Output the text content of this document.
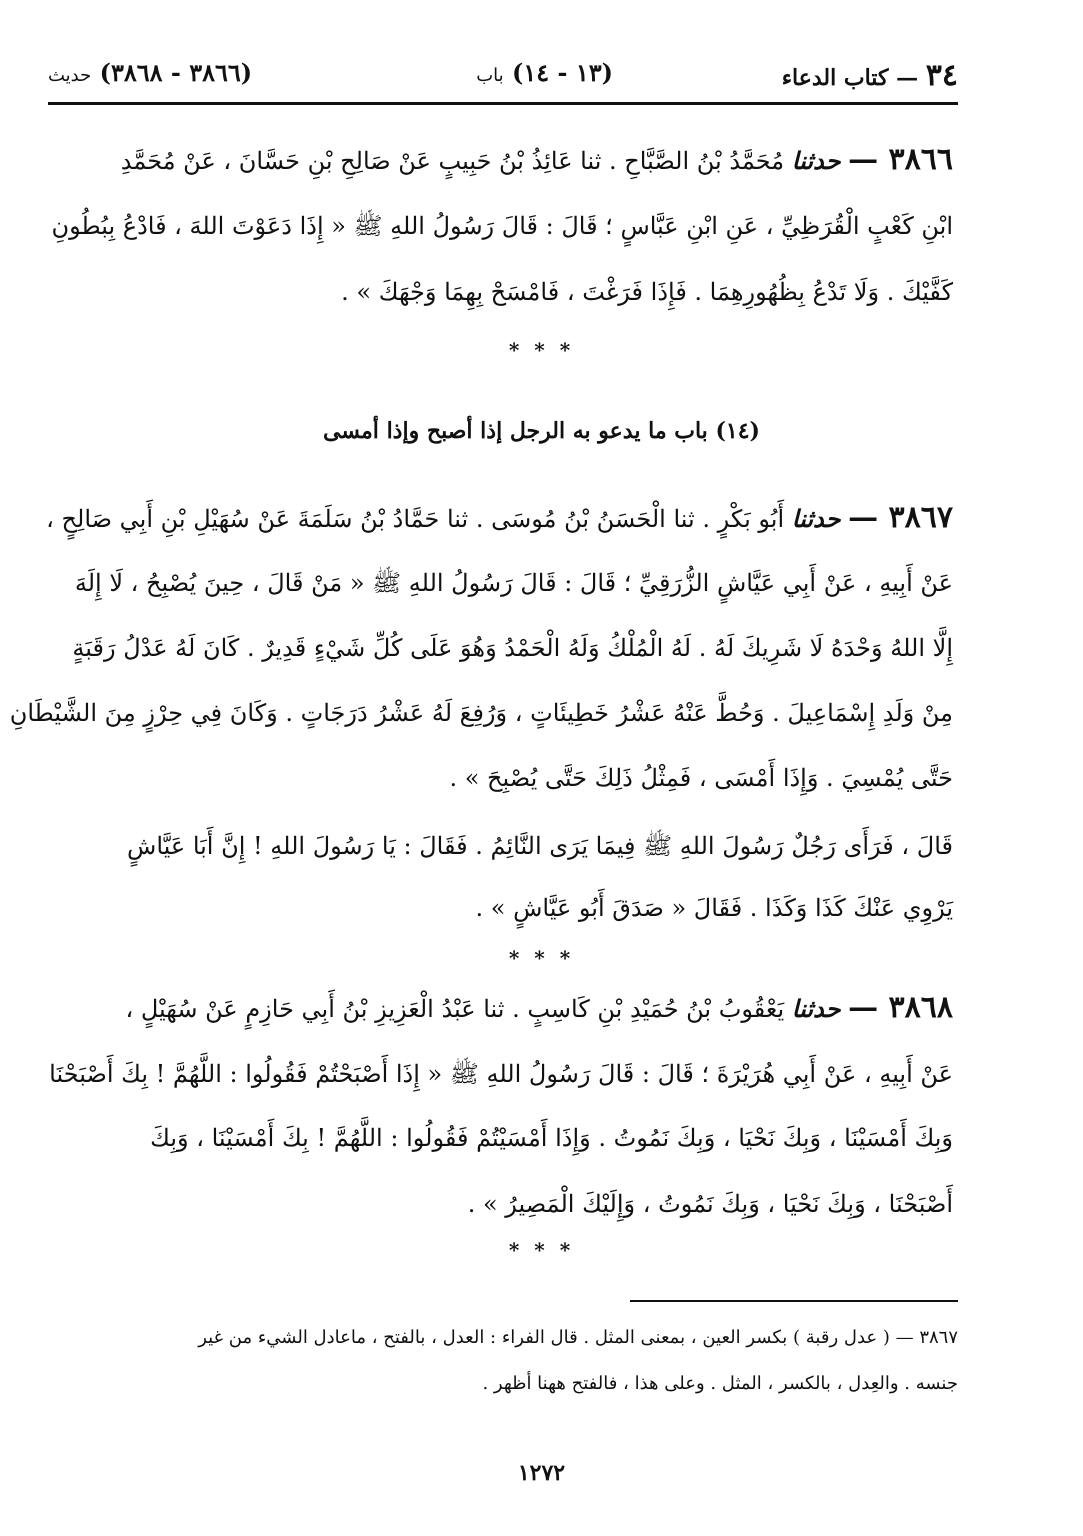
٣٤ — كتاب الدعاء
(١٣ - ١٤) باب
(٣٨٦٦ - ٣٨٦٨) حديث
٣٨٦٦ — حدثنا مُحَمَّدُ بْنُ الصَّبَّاحِ . ثنا عَائِذُ بْنُ حَبِيبٍ عَنْ صَالِحِ بْنِ حَسَّانَ ، عَنْ مُحَمَّدِ
ابْنِ كَعْبٍ الْقُرَظِيِّ ، عَنِ ابْنِ عَبَّاسٍ ؛ قَالَ : قَالَ رَسُولُ اللهِ ﷺ « إِذَا دَعَوْتَ اللهَ ، فَادْعُ بِبُطُونِ
كَفَّيْكَ . وَلَا تَدْعُ بِظُهُورِهِمَا . فَإِذَا فَرَغْتَ ، فَامْسَحْ بِهِمَا وَجْهَكَ » .
* * *
(١٤) باب ما يدعو به الرجل إذا أصبح وإذا أمسى
٣٨٦٧ — حدثنا أَبُو بَكْرٍ . ثنا الْحَسَنُ بْنُ مُوسَى . ثنا حَمَّادُ بْنُ سَلَمَةَ عَنْ سُهَيْلِ بْنِ أَبِي صَالِحٍ ،
عَنْ أَبِيهِ ، عَنْ أَبِي عَيَّاشٍ الزُّرَقِيِّ ؛ قَالَ : قَالَ رَسُولُ اللهِ ﷺ « مَنْ قَالَ ، حِينَ يُصْبِحُ ، لَا إِلَهَ
إِلَّا اللهُ وَحْدَهُ لَا شَرِيكَ لَهُ . لَهُ الْمُلْكُ وَلَهُ الْحَمْدُ وَهُوَ عَلَى كُلِّ شَيْءٍ قَدِيرٌ . كَانَ لَهُ عَدْلُ رَقَبَةٍ
مِنْ وَلَدِ إِسْمَاعِيلَ . وَحُطَّ عَنْهُ عَشْرُ خَطِيئَاتٍ ، وَرُفِعَ لَهُ عَشْرُ دَرَجَاتٍ . وَكَانَ فِي حِرْزٍ مِنَ الشَّيْطَانِ
حَتَّى يُمْسِيَ . وَإِذَا أَمْسَى ، فَمِثْلُ ذَلِكَ حَتَّى يُصْبِحَ » .
قَالَ ، فَرَأَى رَجُلٌ رَسُولَ اللهِ ﷺ فِيمَا يَرَى النَّائِمُ . فَقَالَ : يَا رَسُولَ اللهِ ! إِنَّ أَبَا عَيَّاشٍ
يَرْوِي عَنْكَ كَذَا وَكَذَا . فَقَالَ « صَدَقَ أَبُو عَيَّاشٍ » .
* * *
٣٨٦٨ — حدثنا يَعْقُوبُ بْنُ حُمَيْدِ بْنِ كَاسِبٍ . ثنا عَبْدُ الْعَزِيزِ بْنُ أَبِي حَازِمٍ عَنْ سُهَيْلٍ ،
عَنْ أَبِيهِ ، عَنْ أَبِي هُرَيْرَةَ ؛ قَالَ : قَالَ رَسُولُ اللهِ ﷺ « إِذَا أَصْبَحْتُمْ فَقُولُوا : اللَّهُمَّ ! بِكَ أَصْبَحْنَا
وَبِكَ أَمْسَيْنَا ، وَبِكَ نَحْيَا ، وَبِكَ نَمُوتُ . وَإِذَا أَمْسَيْتُمْ فَقُولُوا : اللَّهُمَّ ! بِكَ أَمْسَيْنَا ، وَبِكَ
أَصْبَحْنَا ، وَبِكَ نَحْيَا ، وَبِكَ نَمُوتُ ، وَإِلَيْكَ الْمَصِيرُ » .
* * *
٣٨٦٧ — ( عدل رقبة ) بكسر العين ، بمعنى المثل . قال الفراء : العدل ، بالفتح ، ماعادل الشيء من غير
جنسه . والعِدل ، بالكسر ، المثل . وعلى هذا ، فالفتح ههنا أظهر .
١٢٧٢
